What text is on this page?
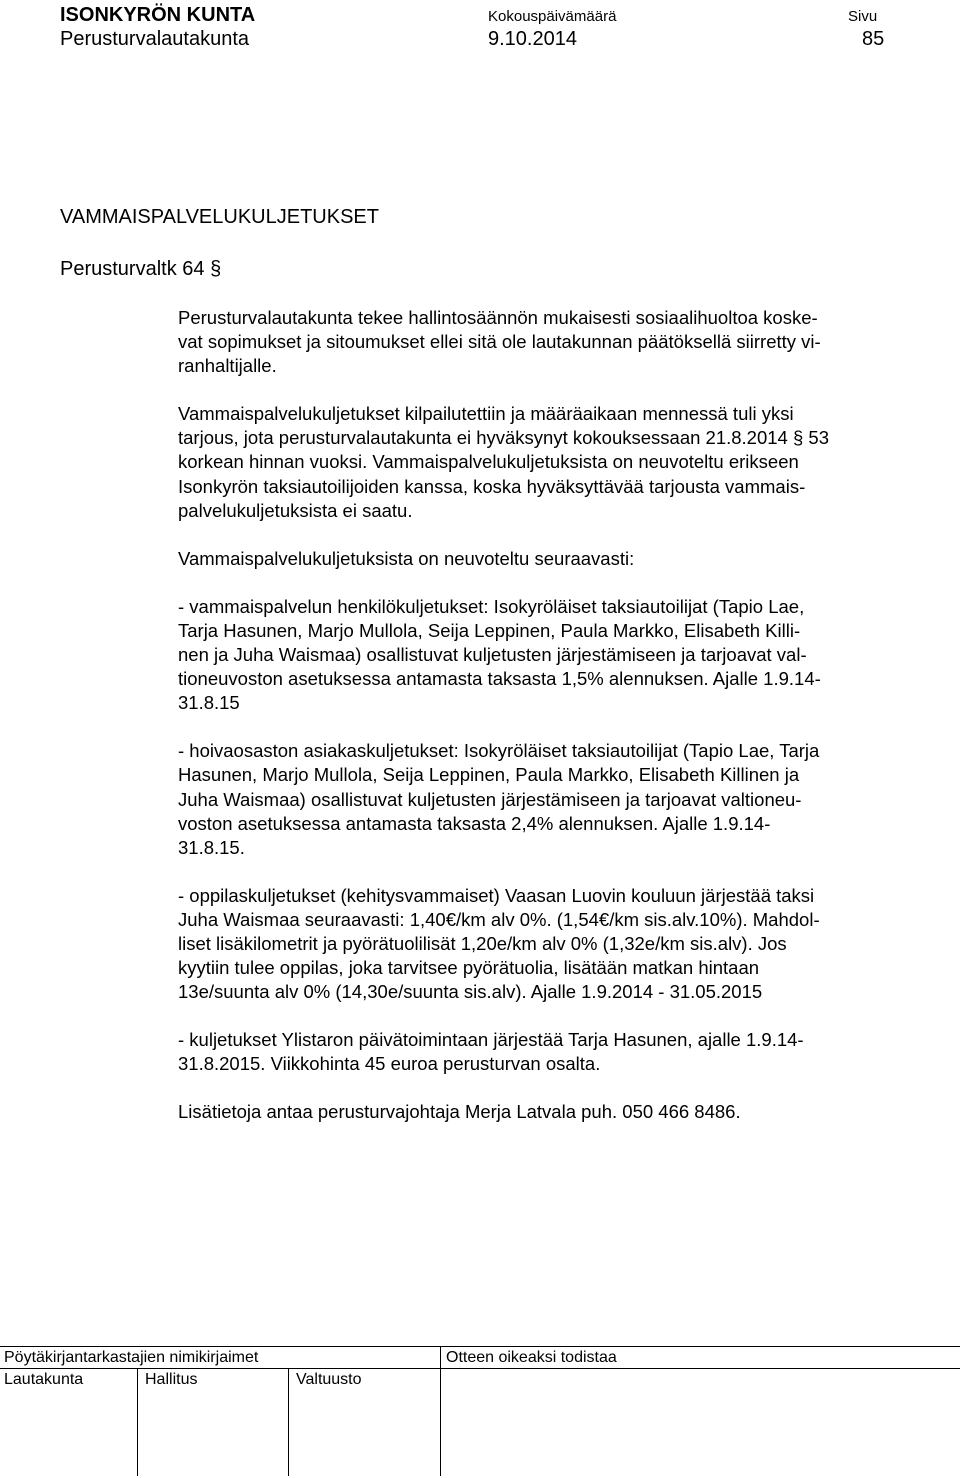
ISONKYRÖN KUNTA
Perusturvalautakunta
Kokouspäivämäärä
9.10.2014
Sivu
85
VAMMAISPALVELUKULJETUKSET
Perusturvaltk 64 §

Perusturvalautakunta tekee hallintosäännön mukaisesti sosiaalihuoltoa koske-
vat sopimukset ja sitoumukset ellei sitä ole lautakunnan päätöksellä siirretty vi-
ranhaltijalle.

Vammaispalvelukuljetukset kilpailutettiin ja määräaikaan mennessä tuli yksi
tarjous, jota perusturvalautakunta ei hyväksynyt kokouksessaan 21.8.2014 § 53
korkean hinnan vuoksi. Vammaispalvelukuljetuksista on neuvoteltu erikseen
Isonkyrön taksiautoilijoiden kanssa, koska hyväksyttävää tarjousta vammais-
palvelukuljetuksista ei saatu.

Vammaispalvelukuljetuksista on neuvoteltu seuraavasti:

- vammaispalvelun henkilökuljetukset: Isokyröläiset taksiautoilijat (Tapio Lae,
Tarja Hasunen, Marjo Mullola, Seija Leppinen, Paula Markko, Elisabeth Killi-
nen ja Juha Waismaa) osallistuvat kuljetusten järjestämiseen ja tarjoavat val-
tioneuvoston asetuksessa antamasta taksasta 1,5% alennuksen. Ajalle 1.9.14-
31.8.15

- hoivaosaston asiakaskuljetukset: Isokyröläiset taksiautoilijat (Tapio Lae, Tarja
Hasunen, Marjo Mullola, Seija Leppinen, Paula Markko, Elisabeth Killinen ja
Juha Waismaa) osallistuvat kuljetusten järjestämiseen ja tarjoavat valtioneu-
voston asetuksessa antamasta taksasta 2,4% alennuksen. Ajalle 1.9.14-
31.8.15.

- oppilaskuljetukset (kehitysvammaiset) Vaasan Luovin kouluun järjestää taksi
Juha Waismaa seuraavasti: 1,40€/km alv 0%. (1,54€/km sis.alv.10%). Mahdol-
liset lisäkilometrit ja pyörätuolilisät 1,20e/km alv 0% (1,32e/km sis.alv). Jos
kyytiin tulee oppilas, joka tarvitsee pyörätuolia, lisätään matkan hintaan
13e/suunta alv 0% (14,30e/suunta sis.alv). Ajalle 1.9.2014 - 31.05.2015

- kuljetukset Ylistaron päivätoimintaan järjestää Tarja Hasunen, ajalle 1.9.14-
31.8.2015. Viikkohinta 45 euroa perusturvan osalta.

Lisätietoja antaa perusturvajohtaja Merja Latvala puh. 050 466 8486.

Pöytäkirjantarkastajien nimikirjaimet	Otteen oikeaksi todistaa
Lautakunta	Hallitus	Valtuusto
